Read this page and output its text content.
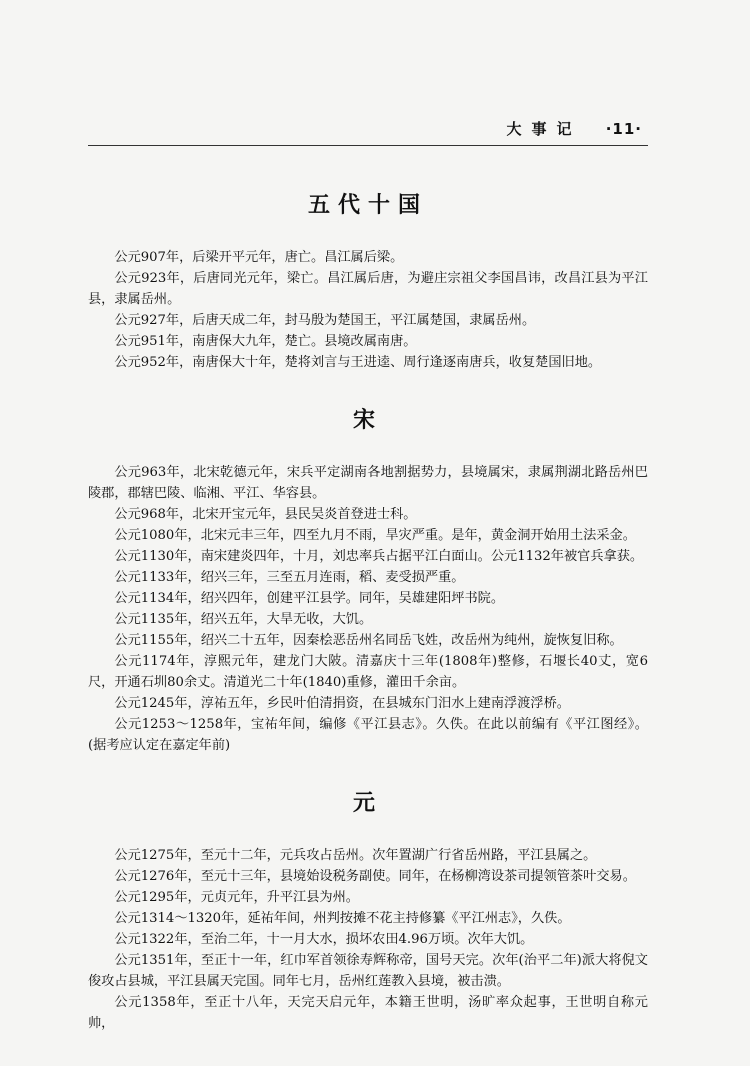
大事记 ·11·
五代十国

公元907年，后梁开平元年，唐亡。昌江属后梁。

公元923年，后唐同光元年，梁亡。昌江属后唐，为避庄宗祖父李国昌讳，改昌江县为平江县，隶属岳州。

公元927年，后唐天成二年，封马殷为楚国王，平江属楚国，隶属岳州。

公元951年，南唐保大九年，楚亡。县境改属南唐。

公元952年，南唐保大十年，楚将刘言与王进逵、周行逢逐南唐兵，收复楚国旧地。

宋

公元963年，北宋乾德元年，宋兵平定湖南各地割据势力，县境属宋，隶属荆湖北路岳州巴陵郡，郡辖巴陵、临湘、平江、华容县。

公元968年，北宋开宝元年，县民吴炎首登进士科。

公元1080年，北宋元丰三年，四至九月不雨，旱灾严重。是年，黄金洞开始用土法采金。

公元1130年，南宋建炎四年，十月，刘忠率兵占据平江白面山。公元1132年被官兵拿获。

公元1133年，绍兴三年，三至五月连雨，稻、麦受损严重。

公元1134年，绍兴四年，创建平江县学。同年，吴雄建阳坪书院。

公元1135年，绍兴五年，大旱无收，大饥。

公元1155年，绍兴二十五年，因秦桧恶岳州名同岳飞姓，改岳州为纯州，旋恢复旧称。

公元1174年，淳熙元年，建龙门大陂。清嘉庆十三年(1808年)整修，石堰长40丈，宽6尺，开通石圳80余丈。清道光二十年(1840)重修，灌田千余亩。

公元1245年，淳祐五年，乡民叶伯清捐资，在县城东门汨水上建南浮渡浮桥。

公元1253～1258年，宝祐年间，编修《平江县志》。久佚。在此以前编有《平江图经》。(据考应认定在嘉定年前)

元

公元1275年，至元十二年，元兵攻占岳州。次年置湖广行省岳州路，平江县属之。

公元1276年，至元十三年，县境始设税务副使。同年，在杨柳湾设茶司提领管茶叶交易。

公元1295年，元贞元年，升平江县为州。

公元1314～1320年，延祐年间，州判按摊不花主持修纂《平江州志》，久佚。

公元1322年，至治二年，十一月大水，损坏农田4.96万顷。次年大饥。

公元1351年，至正十一年，红巾军首领徐寿辉称帝，国号天完。次年(治平二年)派大将倪文俊攻占县城，平江县属天完国。同年七月，岳州红莲教入县境，被击溃。

公元1358年，至正十八年，天完天启元年，本籍王世明，汤旷率众起事，王世明自称元帅，
